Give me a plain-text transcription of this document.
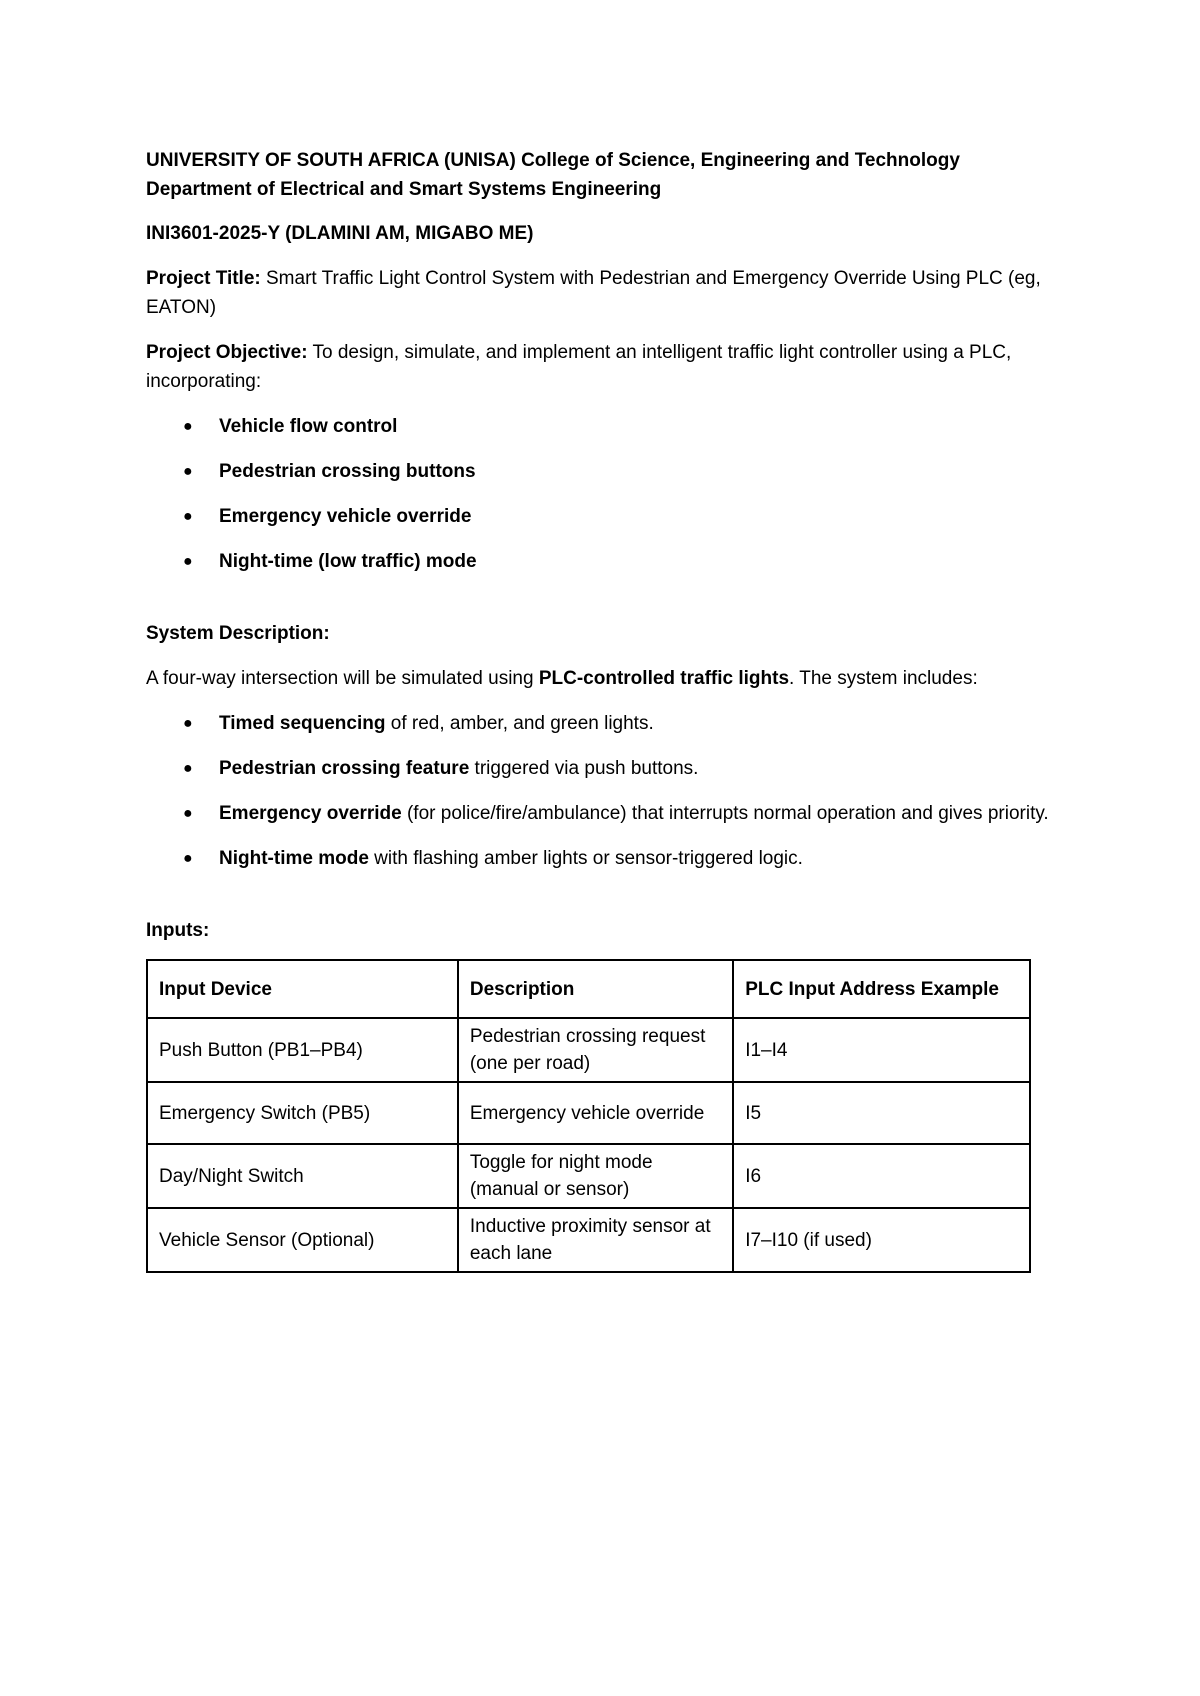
UNIVERSITY OF SOUTH AFRICA (UNISA) College of Science, Engineering and Technology

Department of Electrical and Smart Systems Engineering

INI3601-2025-Y (DLAMINI AM, MIGABO ME)

Project Title: Smart Traffic Light Control System with Pedestrian and Emergency Override Using PLC (eg, EATON)

Project Objective: To design, simulate, and implement an intelligent traffic light controller using a PLC, incorporating:

● Vehicle flow control
● Pedestrian crossing buttons
● Emergency vehicle override
● Night-time (low traffic) mode

System Description:

A four-way intersection will be simulated using PLC-controlled traffic lights. The system includes:

● Timed sequencing of red, amber, and green lights.
● Pedestrian crossing feature triggered via push buttons.
● Emergency override (for police/fire/ambulance) that interrupts normal operation and gives priority.
● Night-time mode with flashing amber lights or sensor-triggered logic.

Inputs:

Input Device	Description	PLC Input Address Example
Push Button (PB1–PB4)	Pedestrian crossing request (one per road)	I1–I4
Emergency Switch (PB5)	Emergency vehicle override	I5
Day/Night Switch	Toggle for night mode (manual or sensor)	I6
Vehicle Sensor (Optional)	Inductive proximity sensor at each lane	I7–I10 (if used)
